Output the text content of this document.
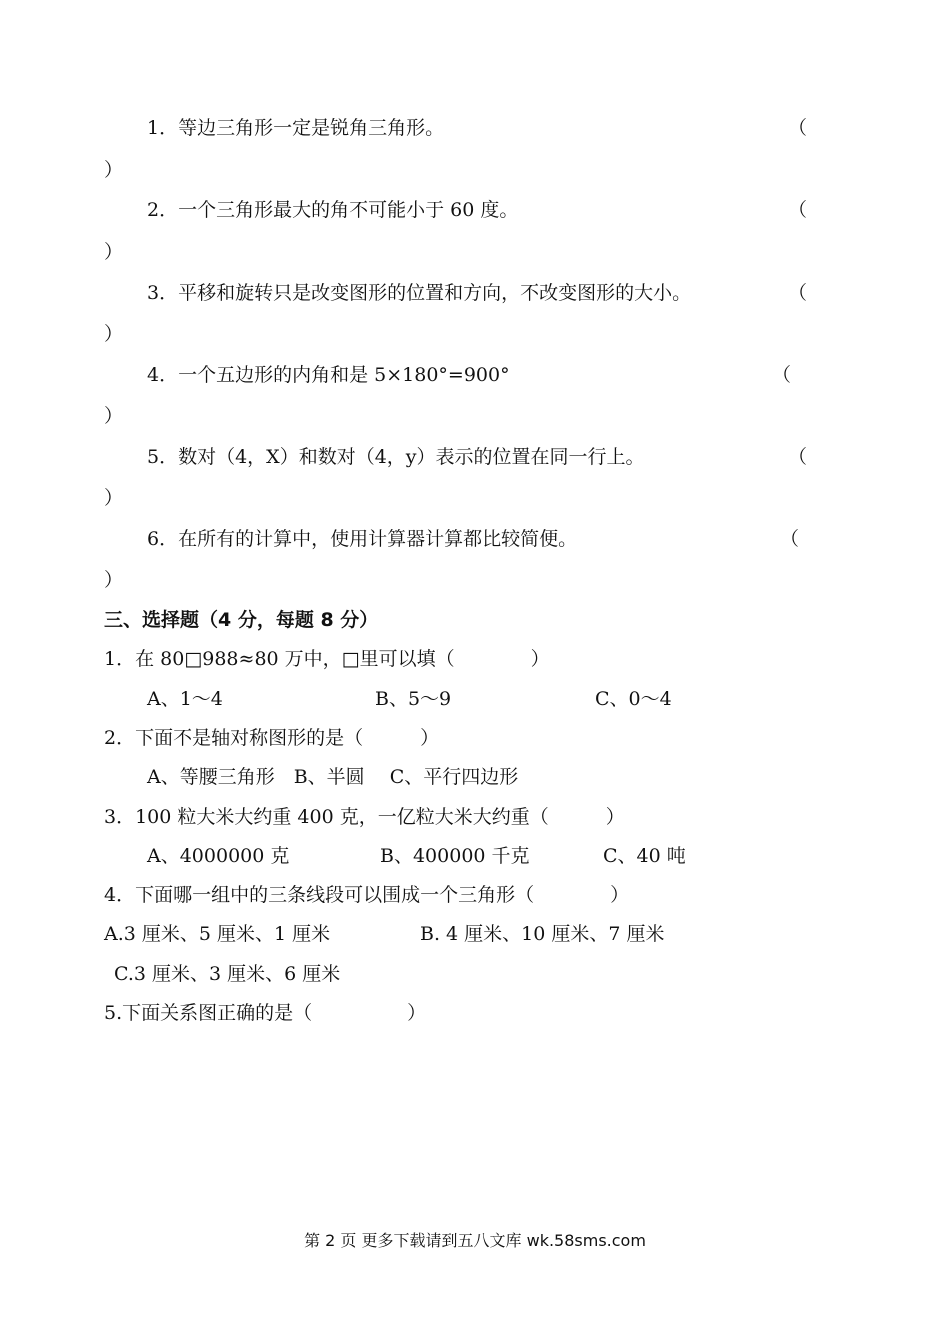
1．等边三角形一定是锐角三角形。	（
）
2．一个三角形最大的角不可能小于 60 度。	（
）
3．平移和旋转只是改变图形的位置和方向，不改变图形的大小。	（
）
4．一个五边形的内角和是 5×180°=900°	（
）
5．数对（4，X）和数对（4，y）表示的位置在同一行上。	（
）
6．在所有的计算中，使用计算器计算都比较简便。	（
）
三、选择题（4 分，每题 8 分）
1．在 80□988≈80 万中，□里可以填（　　　　）
A、1～4	B、5～9	C、0～4
2．下面不是轴对称图形的是（　　　）
A、等腰三角形　B、半圆　 C、平行四边形
3．100 粒大米大约重 400 克，一亿粒大米大约重（　　　）
A、4000000 克	B、400000 千克	C、40 吨
4．下面哪一组中的三条线段可以围成一个三角形（　　　　）
A.3 厘米、5 厘米、1 厘米	B. 4 厘米、10 厘米、7 厘米
C.3 厘米、3 厘米、6 厘米
5.下面关系图正确的是（　　　　　）
第 2 页 更多下载请到五八文库 wk.58sms.com
